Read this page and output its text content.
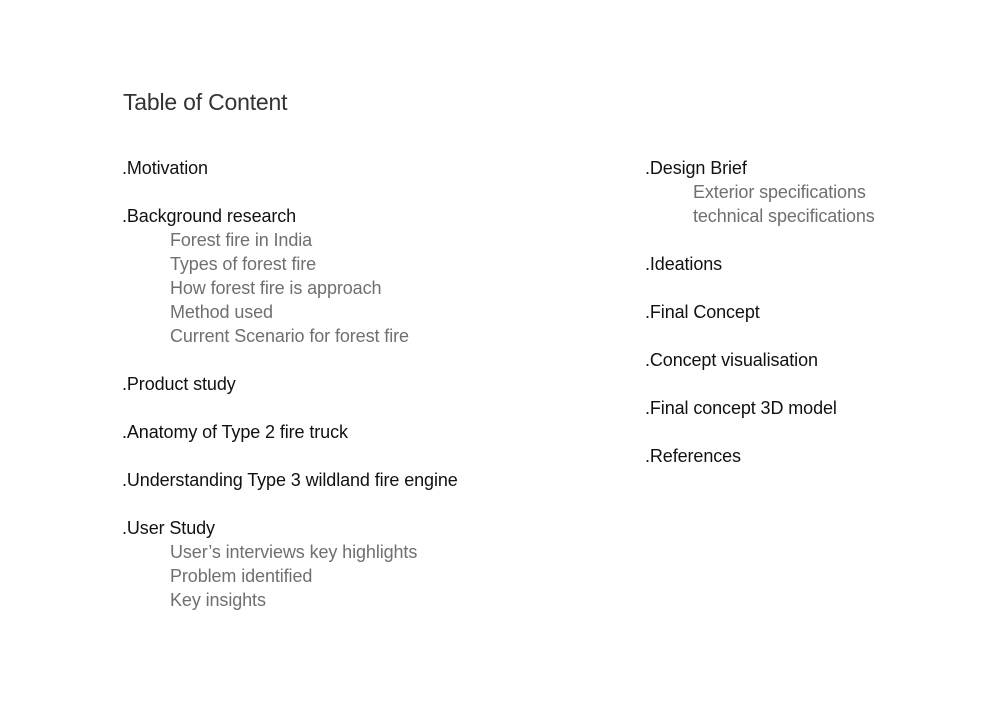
Table of Content
.Motivation
.Background research
Forest fire in India
Types of forest fire
How forest fire is approach
Method used
Current Scenario for forest fire
.Product study
.Anatomy of Type 2 fire truck
.Understanding Type 3 wildland fire engine
.User Study
User’s interviews key highlights
Problem identified
Key insights
.Design Brief
Exterior specifications
technical specifications
.Ideations
.Final Concept
.Concept visualisation
.Final concept 3D model
.References
